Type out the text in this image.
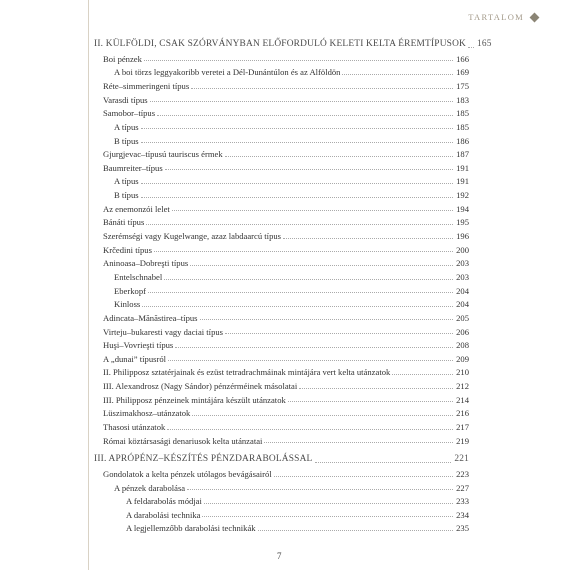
TARTALOM
II. KÜLFÖLDI, CSAK SZÓRVÁNYBAN ELŐFORDULÓ KELETI KELTA ÉREMTÍPUSOK	165
Boi pénzek	166
A boi törzs leggyakoribb veretei a Dél-Dunántúlon és az Alföldön	169
Réte–simmeringeni típus	175
Varasdi típus	183
Samobor–típus	185
A típus	185
B típus	186
Gjurgjevac–típusú tauriscus érmek	187
Baumreiter–típus	191
A típus	191
B típus	192
Az enemonzói lelet	194
Bánáti típus	195
Szerémségi vagy Kugelwange, azaz labdaarcú típus	196
Krčedini típus	200
Aninoasa–Dobreşti típus	203
Entelschnabel	203
Eberkopf	204
Kinloss	204
Adincata–Mănăstirea–típus	205
Virteju–bukaresti vagy daciai típus	206
Huşi–Vovrieşti típus	208
A „dunai” típusról	209
II. Philipposz sztatérjainak és ezüst tetradrachmáinak mintájára vert kelta utánzatok	210
III. Alexandrosz (Nagy Sándor) pénzérméinek másolatai	212
III. Philipposz pénzeinek mintájára készült utánzatok	214
Lüszimakhosz–utánzatok	216
Thasosi utánzatok	217
Római köztársasági denariusok kelta utánzatai	219
III. APRÓPÉNZ–KÉSZÍTÉS PÉNZDARABOLÁSSAL	221
Gondolatok a kelta pénzek utólagos bevágásairól	223
A pénzek darabolása	227
A feldarabolás módjai	233
A darabolási technika	234
A legjellemzőbb darabolási technikák	235
7
